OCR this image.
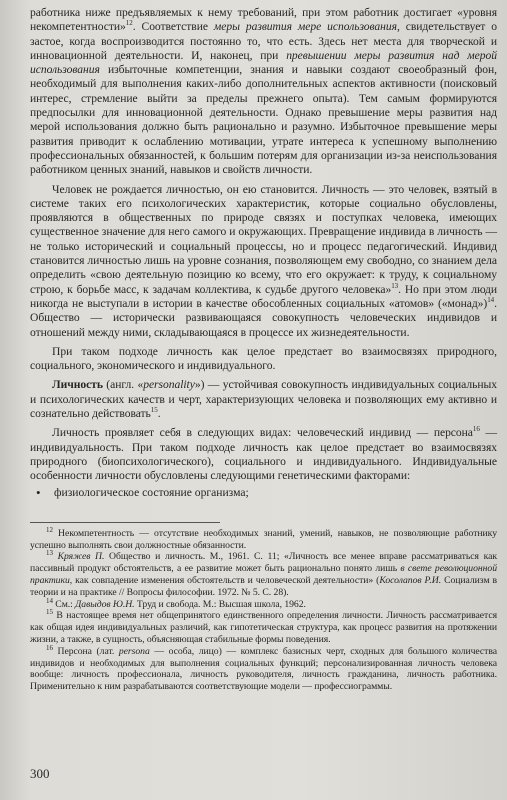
работника ниже предъявляемых к нему требований, при этом работник достигает «уровня некомпетентности»$^{12}$. Соответствие меры развития мере использования, свидетельствует о застое, когда воспроизводится постоянно то, что есть. Здесь нет места для творческой и инновационной деятельности. И, наконец, при превышении меры развития над мерой использования избыточные компетенции, знания и навыки создают своеобразный фон, необходимый для выполнения каких-либо дополнительных аспектов активности (поисковый интерес, стремление выйти за пределы прежнего опыта). Тем самым формируются предпосылки для инновационной деятельности. Однако превышение меры развития над мерой использования должно быть рационально и разумно. Избыточное превышение меры развития приводит к ослаблению мотивации, утрате интереса к успешному выполнению профессиональных обязанностей, к большим потерям для организации из-за неиспользования работником ценных знаний, навыков и свойств личности.

Человек не рождается личностью, он ею становится. Личность — это человек, взятый в системе таких его психологических характеристик, которые социально обусловлены, проявляются в общественных по природе связях и поступках человека, имеющих существенное значение для него самого и окружающих. Превращение индивида в личность — не только исторический и социальный процессы, но и процесс педагогический. Индивид становится личностью лишь на уровне сознания, позволяющем ему свободно, со знанием дела определить «свою деятельную позицию ко всему, что его окружает: к труду, к социальному строю, к борьбе масс, к задачам коллектива, к судьбе другого человека»$^{13}$. Но при этом люди никогда не выступали в истории в качестве обособленных социальных «атомов» («монад»)$^{14}$. Общество — исторически развивающаяся совокупность человеческих индивидов и отношений между ними, складывающаяся в процессе их жизнедеятельности.

При таком подходе личность как целое предстает во взаимосвязях природного, социального, экономического и индивидуального.

Личность (англ. «personality») — устойчивая совокупность индивидуальных социальных и психологических качеств и черт, характеризующих человека и позволяющих ему активно и сознательно действовать$^{15}$.

Личность проявляет себя в следующих видах: человеческий индивид — персона$^{16}$ — индивидуальность. При таком подходе личность как целое предстает во взаимосвязях природного (биопсихологического), социального и индивидуального. Индивидуальные особенности личности обусловлены следующими генетическими факторами:

• физиологическое состояние организма;

$^{12}$ Некомпетентность — отсутствие необходимых знаний, умений, навыков, не позволяющие работнику успешно выполнять свои должностные обязанности.

$^{13}$ Кряжев П. Общество и личность. М., 1961. С. 11; «Личность все менее вправе рассматриваться как пассивный продукт обстоятельств, а ее развитие может быть рационально понято лишь в свете революционной практики, как совпадение изменения обстоятельств и человеческой деятельности» (Косолапов Р.И. Социализм в теории и на практике // Вопросы философии. 1972. № 5. С. 28).

$^{14}$ См.: Давыдов Ю.Н. Труд и свобода. М.: Высшая школа, 1962.

$^{15}$ В настоящее время нет общепринятого единственного определения личности. Личность рассматривается как общая идея индивидуальных различий, как гипотетическая структура, как процесс развития на протяжении жизни, а также, в сущность, объясняющая стабильные формы поведения.

$^{16}$ Персона (лат. persona — особа, лицо) — комплекс базисных черт, сходных для большого количества индивидов и необходимых для выполнения социальных функций; персонализированная личность человека вообще: личность профессионала, личность руководителя, личность гражданина, личность работника. Применительно к ним разрабатываются соответствующие модели — профессиограммы.

300
